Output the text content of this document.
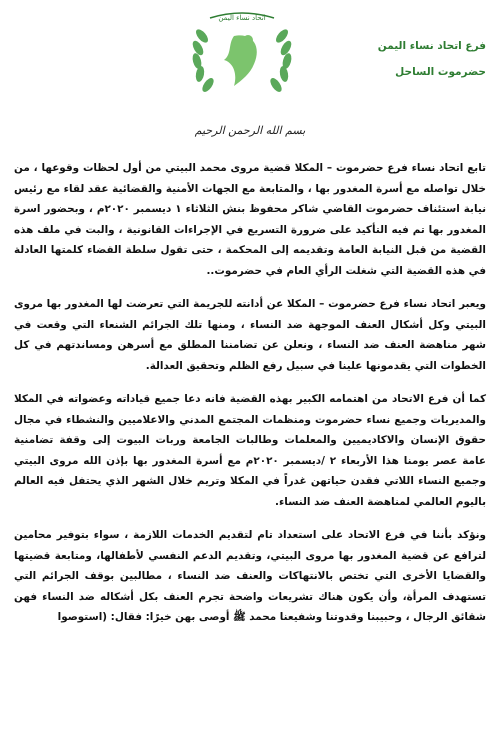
فرع اتحاد نساء اليمن
حضرموت الساحل
اتحاد نساء اليمن
بسم الله الرحمن الرحيم

تابع اتحاد نساء فرع حضرموت – المكلا قضية مروى محمد البيتي من أول لحظات وقوعها ، من خلال تواصله مع أسرة المغدور بها ، والمتابعة مع الجهات الأمنية والقضائية عقد لقاء مع رئيس نيابة استئناف حضرموت القاضي شاكر محفوظ بنش الثلاثاء ١ ديسمبر ٢٠٢٠م ، وبحضور اسرة المغدور بها تم فيه التأكيد على ضرورة التسريع في الإجراءات القانونية ، والبت في ملف هذه القضية من قبل النيابة العامة وتقديمه إلى المحكمة ، حتى تقول سلطة القضاء كلمتها العادلة في هذه القضية التي شغلت الرأي العام في حضرموت..

ويعبر اتحاد نساء فرع حضرموت – المكلا عن أدانته للجريمة التي تعرضت لها المغدور بها مروى البيتي وكل أشكال العنف الموجهة ضد النساء ، ومنها تلك الجرائم الشنعاء التي وقعت في شهر مناهضة العنف ضد النساء ، ونعلن عن تضامننا المطلق مع أسرهن ومساندتهم في كل الخطوات التي يقدمونها علينا في سبيل رفع الظلم وتحقيق العدالة.

كما أن فرع الاتحاد من اهتمامه الكبير بهذه القضية فانه دعا جميع قياداته وعضواته في المكلا والمديريات وجميع نساء حضرموت ومنظمات المجتمع المدني والاعلاميين والنشطاء في مجال حقوق الإنسان والاكاديميين والمعلمات وطالبات الجامعة وربات البيوت إلى وقفة تضامنية عامة عصر يومنا هذا الأربعاء ٢ /ديسمبر ٢٠٢٠م مع أسرة المغدور بها بإذن الله مروى البيتي وجميع النساء اللاتي فقدن حياتهن غدراً في المكلا وتريم خلال الشهر الذي يحتفل فيه العالم باليوم العالمي لمناهضة العنف ضد النساء.

ونؤكد بأننا في فرع الاتحاد على استعداد تام لتقديم الخدمات اللازمة ، سواء بتوفير محامين لترافع عن قضية المغدور بها مروى البيتي، وتقديم الدعم النفسي لأطفالها، ومتابعة قضيتها والقضايا الأخرى التي تختص بالانتهاكات والعنف ضد النساء ، مطالبين بوقف الجرائم التي تستهدف المرأة، وأن يكون هناك تشريعات واضحة تجرم العنف بكل أشكاله ضد النساء فهن شقائق الرجال ، وحبيبنا وقدوتنا وشفيعنا محمد ﷺ أوصى بهن خيرًا: فقال: (استوصوا
